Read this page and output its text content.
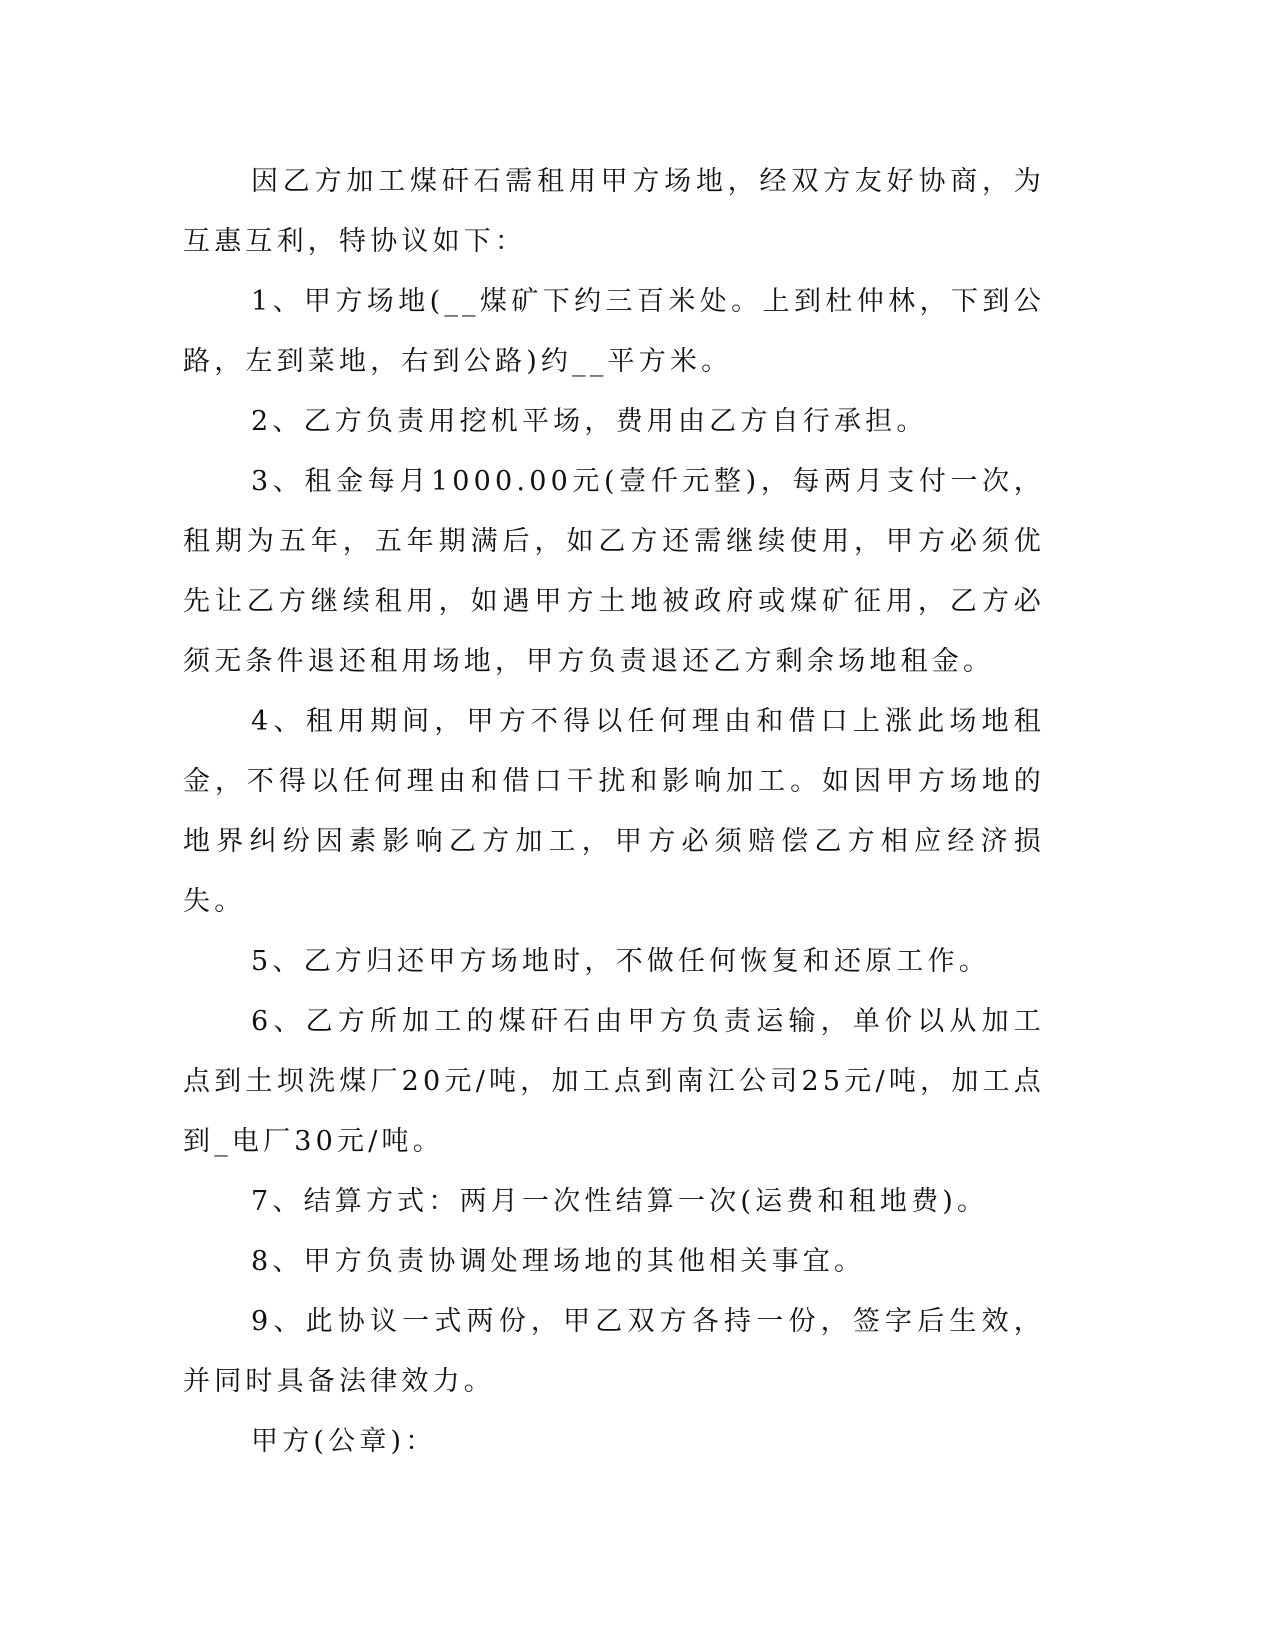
因乙方加工煤矸石需租用甲方场地，经双方友好协商，为互惠互利，特协议如下：

1、甲方场地(__煤矿下约三百米处。上到杜仲林，下到公路，左到菜地，右到公路)约__平方米。

2、乙方负责用挖机平场，费用由乙方自行承担。

3、租金每月1000.00元(壹仟元整)，每两月支付一次，租期为五年，五年期满后，如乙方还需继续使用，甲方必须优先让乙方继续租用，如遇甲方土地被政府或煤矿征用，乙方必须无条件退还租用场地，甲方负责退还乙方剩余场地租金。

4、租用期间，甲方不得以任何理由和借口上涨此场地租金，不得以任何理由和借口干扰和影响加工。如因甲方场地的地界纠纷因素影响乙方加工，甲方必须赔偿乙方相应经济损失。

5、乙方归还甲方场地时，不做任何恢复和还原工作。

6、乙方所加工的煤矸石由甲方负责运输，单价以从加工点到土坝洗煤厂20元/吨，加工点到南江公司25元/吨，加工点到_电厂30元/吨。

7、结算方式：两月一次性结算一次(运费和租地费)。

8、甲方负责协调处理场地的其他相关事宜。

9、此协议一式两份，甲乙双方各持一份，签字后生效，并同时具备法律效力。

甲方(公章)：
